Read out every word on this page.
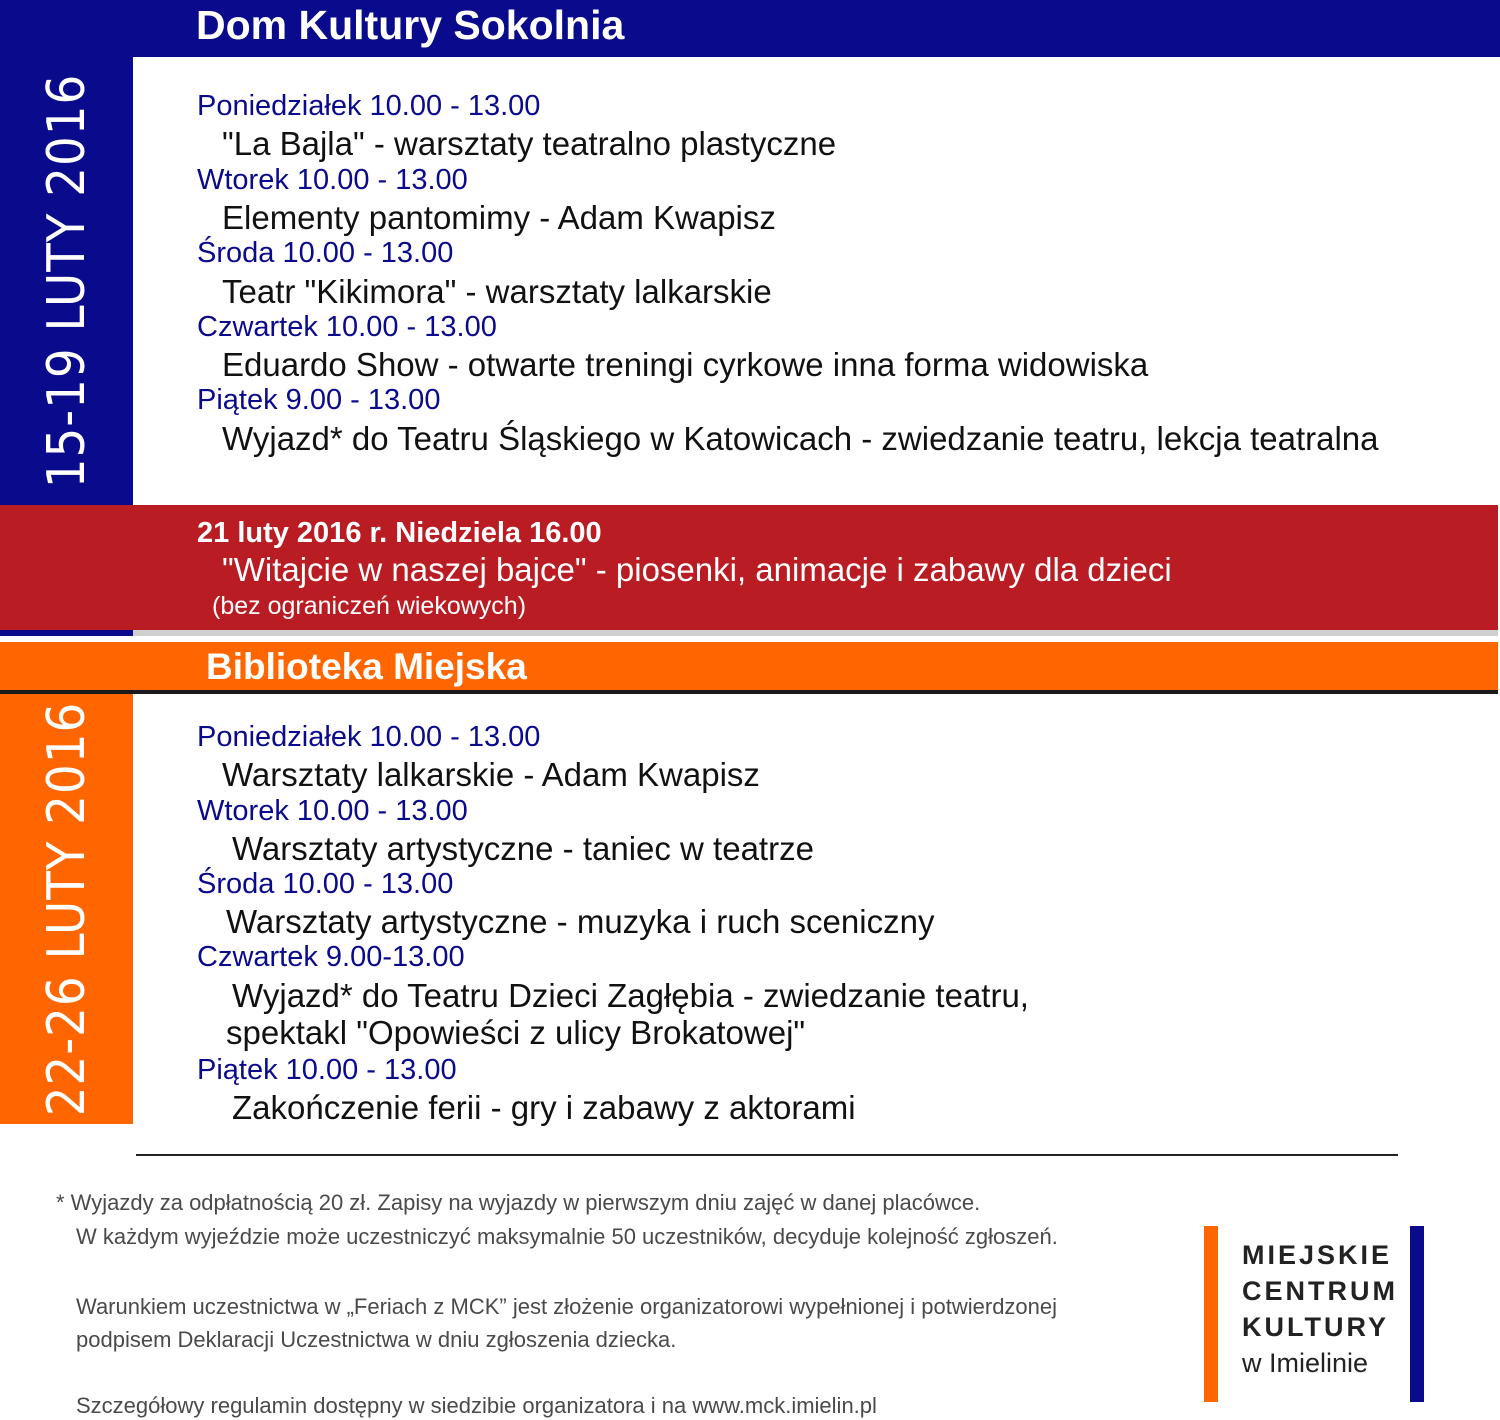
Dom Kultury Sokolnia
15-19 LUTY 2016	Poniedziałek 10.00 - 13.00
"La Bajla" - warsztaty teatralno plastyczne
Wtorek 10.00 - 13.00
Elementy pantomimy - Adam Kwapisz
Środa 10.00 - 13.00
Teatr "Kikimora" - warsztaty lalkarskie
Czwartek 10.00 - 13.00
Eduardo Show - otwarte treningi cyrkowe inna forma widowiska
Piątek 9.00 - 13.00
Wyjazd* do Teatru Śląskiego w Katowicach - zwiedzanie teatru, lekcja teatralna
21 luty 2016 r. Niedziela 16.00
"Witajcie w naszej bajce" - piosenki, animacje i zabawy dla dzieci
(bez ograniczeń wiekowych)
Biblioteka Miejska
22-26 LUTY 2016	Poniedziałek 10.00 - 13.00
Warsztaty lalkarskie - Adam Kwapisz
Wtorek 10.00 - 13.00
Warsztaty artystyczne - taniec w teatrze
Środa 10.00 - 13.00
Warsztaty artystyczne - muzyka i ruch sceniczny
Czwartek 9.00-13.00
Wyjazd* do Teatru Dzieci Zagłębia - zwiedzanie teatru,
spektakl "Opowieści z ulicy Brokatowej"
Piątek 10.00 - 13.00
Zakończenie ferii - gry i zabawy z aktorami
* Wyjazdy za odpłatnością 20 zł. Zapisy na wyjazdy w pierwszym dniu zajęć w danej placówce.
W każdym wyjeździe może uczestniczyć maksymalnie 50 uczestników, decyduje kolejność zgłoszeń.
Warunkiem uczestnictwa w „Feriach z MCK” jest złożenie organizatorowi wypełnionej i potwierdzonej
podpisem Deklaracji Uczestnictwa w dniu zgłoszenia dziecka.
Szczegółowy regulamin dostępny w siedzibie organizatora i na www.mck.imielin.pl
MIEJSKIE
CENTRUM
KULTURY
w Imielinie
